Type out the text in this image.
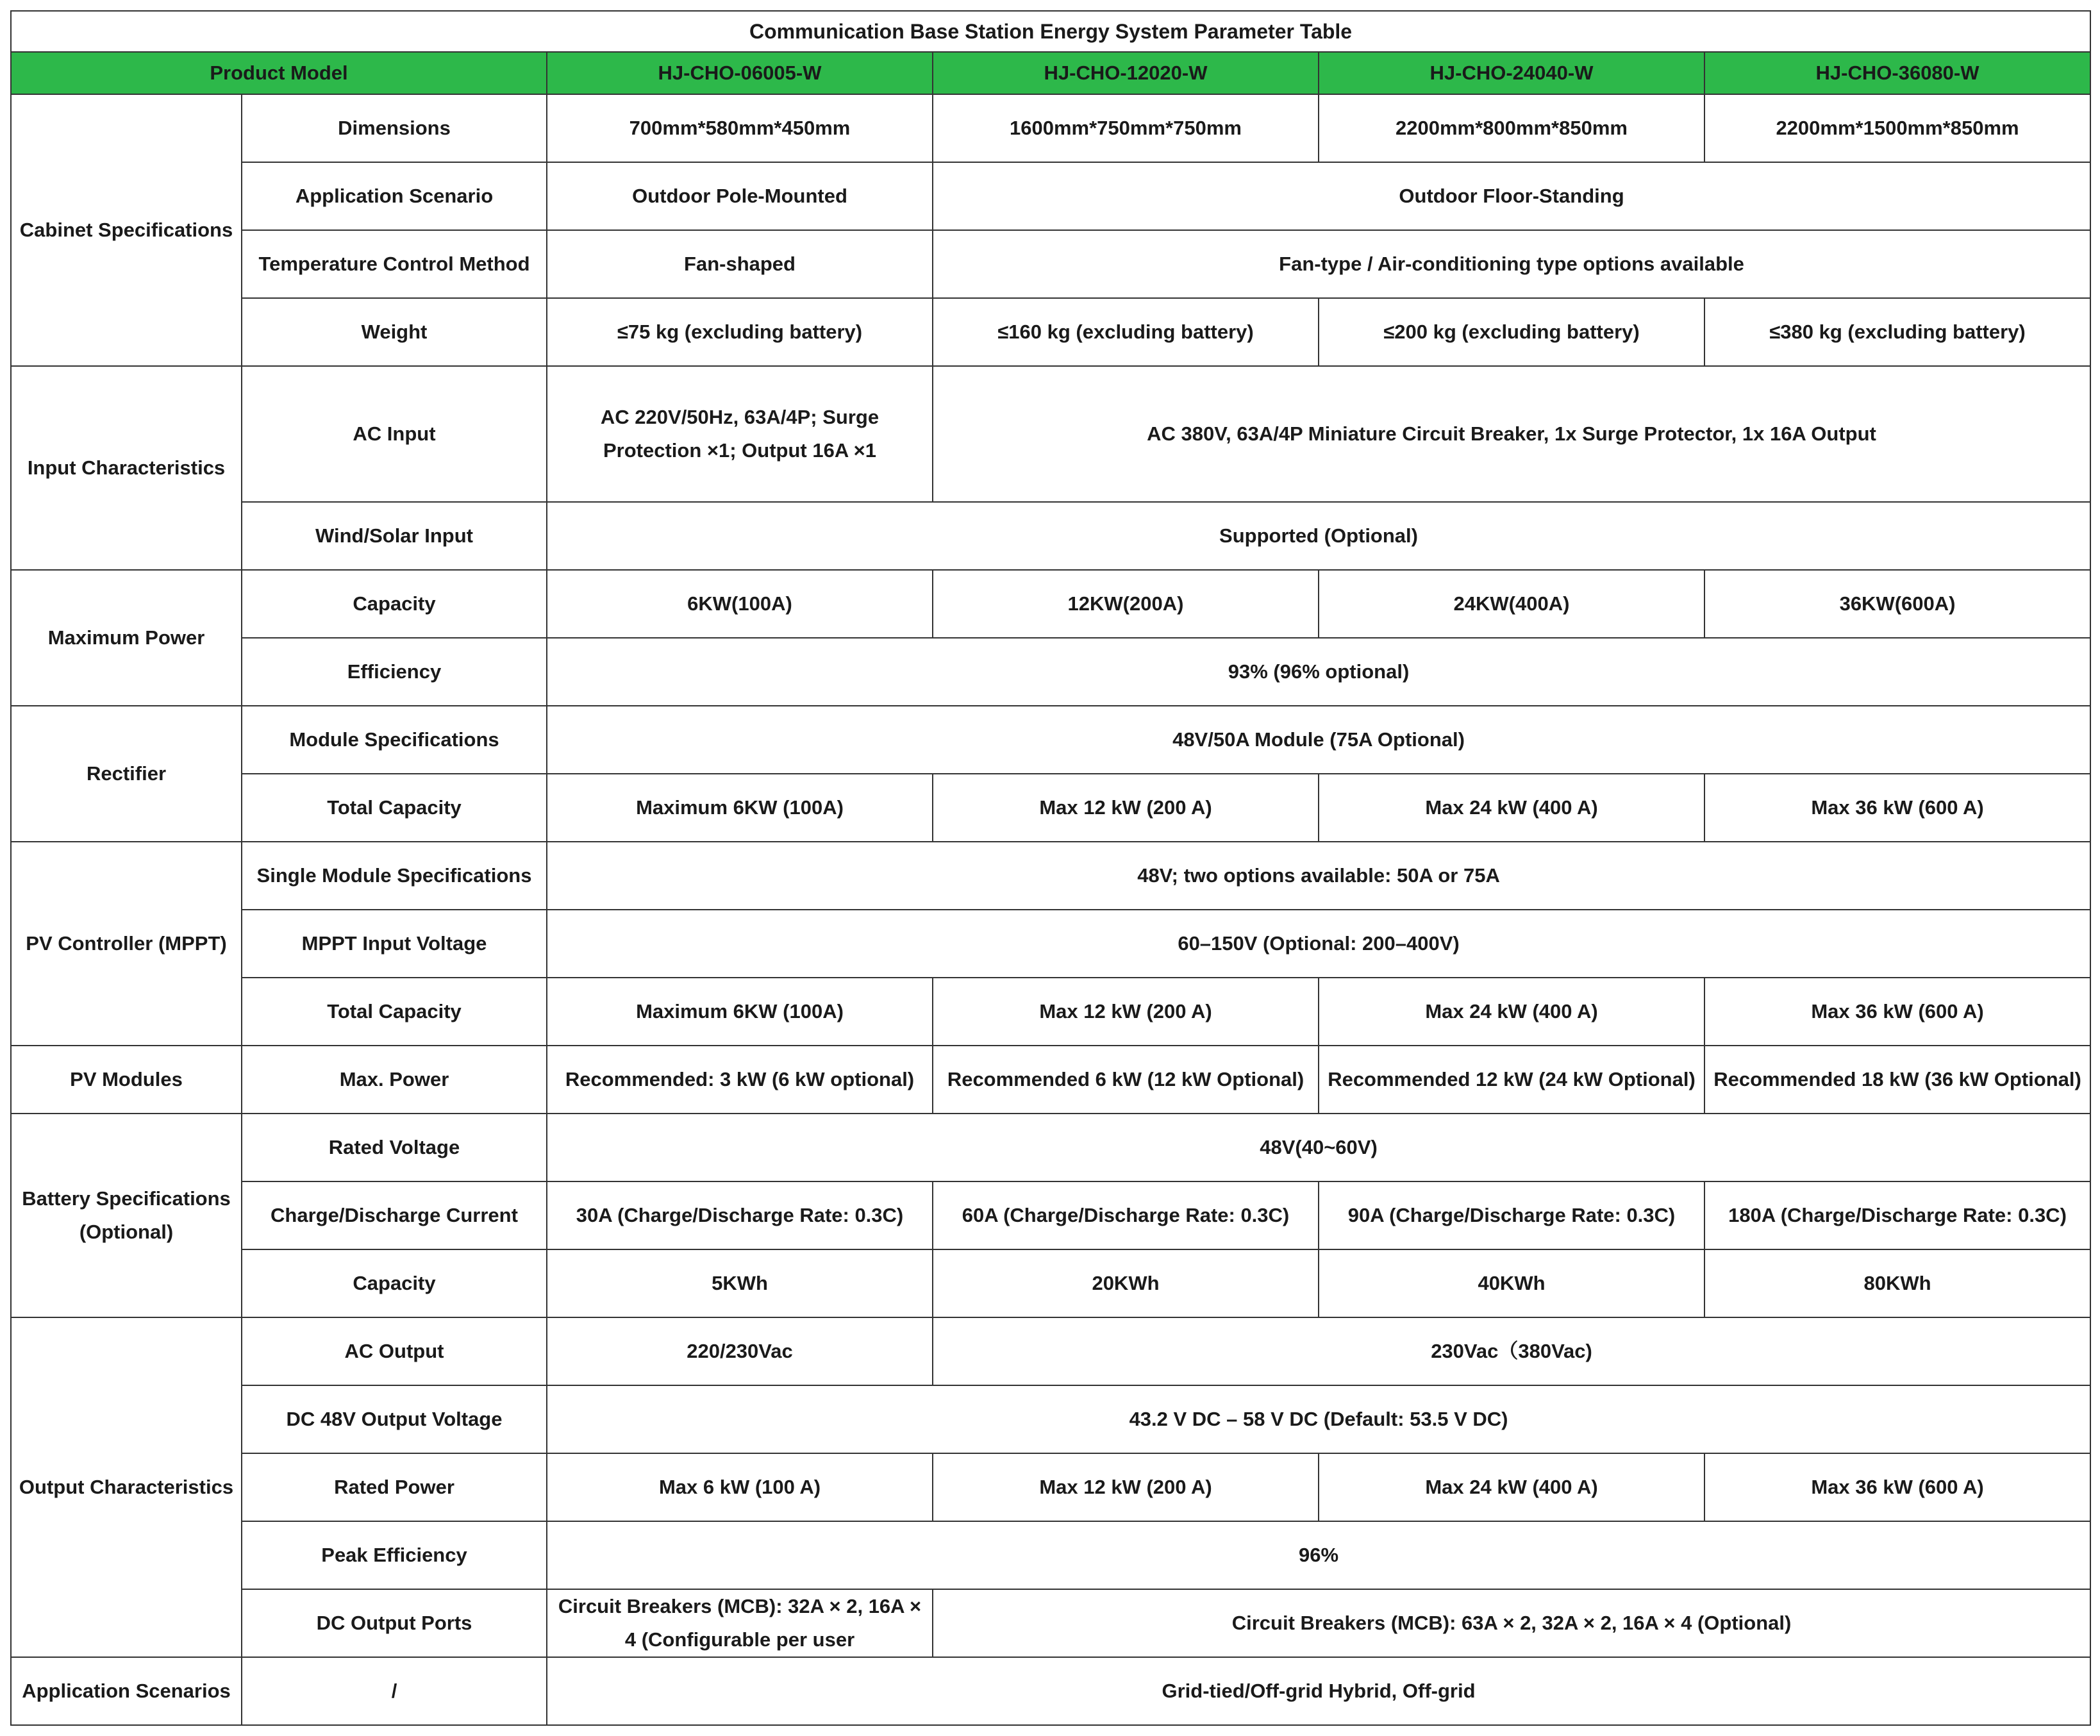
Communication Base Station Energy System Parameter Table					
Product Model		HJ-CHO-06005-W	HJ-CHO-12020-W	HJ-CHO-24040-W	HJ-CHO-36080-W
Cabinet Specifications	Dimensions	700mm*580mm*450mm	1600mm*750mm*750mm	2200mm*800mm*850mm	2200mm*1500mm*850mm
	Application Scenario	Outdoor Pole-Mounted	Outdoor Floor-Standing		
	Temperature Control Method	Fan-shaped	Fan-type / Air-conditioning type options available		
	Weight	≤75 kg (excluding battery)	≤160 kg (excluding battery)	≤200 kg (excluding battery)	≤380 kg (excluding battery)
Input Characteristics	AC Input	AC 220V/50Hz, 63A/4P; Surge Protection ×1; Output 16A ×1	AC 380V, 63A/4P Miniature Circuit Breaker, 1x Surge Protector, 1x 16A Output		
	Wind/Solar Input	Supported (Optional)			
Maximum Power	Capacity	6KW(100A)	12KW(200A)	24KW(400A)	36KW(600A)
	Efficiency	93% (96% optional)			
Rectifier	Module Specifications	48V/50A Module (75A Optional)			
	Total Capacity	Maximum 6KW (100A)	Max 12 kW (200 A)	Max 24 kW (400 A)	Max 36 kW (600 A)
PV Controller (MPPT)	Single Module Specifications	48V; two options available: 50A or 75A			
	MPPT Input Voltage	60–150V (Optional: 200–400V)			
	Total Capacity	Maximum 6KW (100A)	Max 12 kW (200 A)	Max 24 kW (400 A)	Max 36 kW (600 A)
PV Modules	Max. Power	Recommended: 3 kW (6 kW optional)	Recommended 6 kW (12 kW Optional)	Recommended 12 kW (24 kW Optional)	Recommended 18 kW (36 kW Optional)
Battery Specifications (Optional)	Rated Voltage	48V(40~60V)			
	Charge/Discharge Current	30A (Charge/Discharge Rate: 0.3C)	60A (Charge/Discharge Rate: 0.3C)	90A (Charge/Discharge Rate: 0.3C)	180A (Charge/Discharge Rate: 0.3C)
	Capacity	5KWh	20KWh	40KWh	80KWh
Output Characteristics	AC Output	220/230Vac	230Vac（380Vac)		
	DC 48V Output Voltage	43.2 V DC – 58 V DC (Default: 53.5 V DC)			
	Rated Power	Max 6 kW (100 A)	Max 12 kW (200 A)	Max 24 kW (400 A)	Max 36 kW (600 A)
	Peak Efficiency	96%			
	DC Output Ports	Circuit Breakers (MCB): 32A × 2, 16A × 4 (Configurable per user	Circuit Breakers (MCB): 63A × 2, 32A × 2, 16A × 4 (Optional)		
Application Scenarios	/	Grid-tied/Off-grid Hybrid, Off-grid			
